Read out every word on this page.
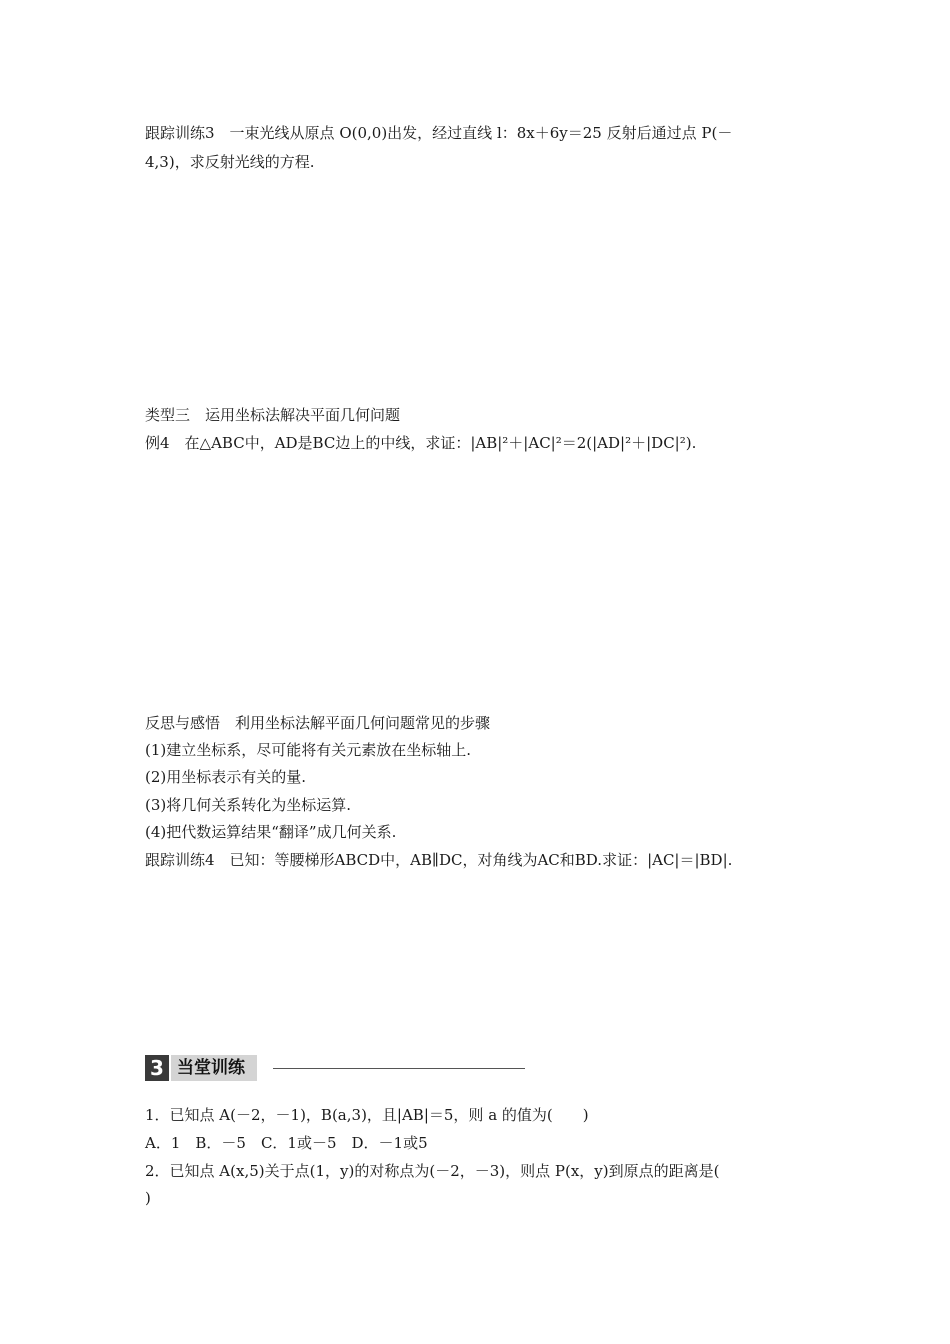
跟踪训练3　一束光线从原点 O(0,0)出发，经过直线 l：8x＋6y＝25 反射后通过点 P(－
4,3)，求反射光线的方程.
类型三　运用坐标法解决平面几何问题
例4　在△ABC中，AD是BC边上的中线，求证：|AB|²＋|AC|²＝2(|AD|²＋|DC|²).
反思与感悟　利用坐标法解平面几何问题常见的步骤
(1)建立坐标系，尽可能将有关元素放在坐标轴上.
(2)用坐标表示有关的量.
(3)将几何关系转化为坐标运算.
(4)把代数运算结果“翻译”成几何关系.
跟踪训练4　已知：等腰梯形ABCD中，AB∥DC，对角线为AC和BD.求证：|AC|＝|BD|.
3 当堂训练
1．已知点 A(－2，－1)，B(a,3)，且|AB|＝5，则 a 的值为(　　)
A．1　B．－5　C．1或－5　D．－1或5
2．已知点 A(x,5)关于点(1，y)的对称点为(－2，－3)，则点 P(x，y)到原点的距离是(
)
